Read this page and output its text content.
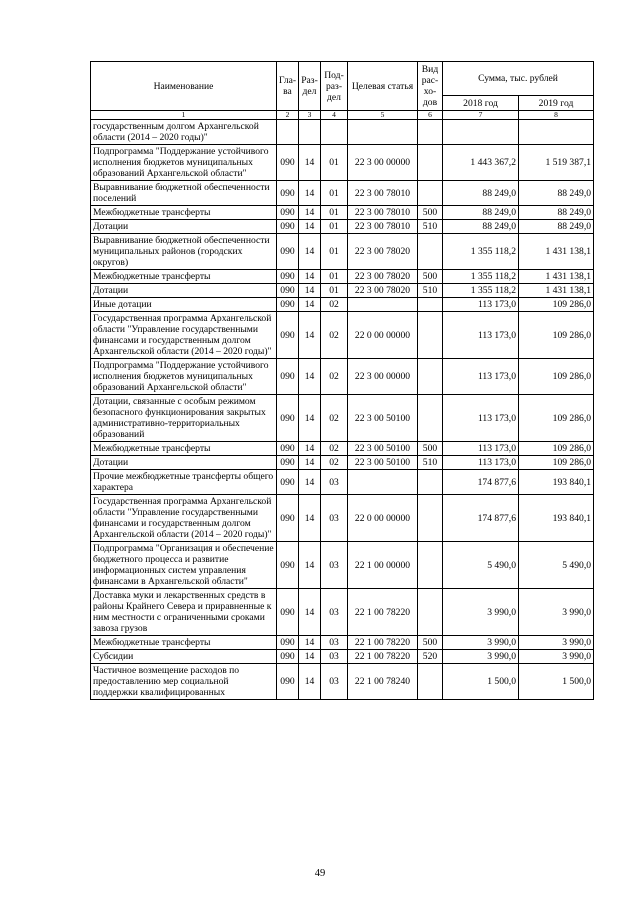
Наименование	Гла-ва	Раз-дел	Под-раз-дел	Целевая статья	Вид рас-хо-дов	Сумма, тыс. рублей	
						2018 год	2019 год
1	2	3	4	5	6	7	8
государственным долгом Архангельской области (2014 – 2020 годы)"							
Подпрограмма "Поддержание устойчивого исполнения бюджетов муниципальных образований Архангельской области"	090	14	01	22 3 00 00000		1 443 367,2	1 519 387,1
Выравнивание бюджетной обеспеченности поселений	090	14	01	22 3 00 78010		88 249,0	88 249,0
Межбюджетные трансферты	090	14	01	22 3 00 78010	500	88 249,0	88 249,0
Дотации	090	14	01	22 3 00 78010	510	88 249,0	88 249,0
Выравнивание бюджетной обеспеченности муниципальных районов (городских округов)	090	14	01	22 3 00 78020		1 355 118,2	1 431 138,1
Межбюджетные трансферты	090	14	01	22 3 00 78020	500	1 355 118,2	1 431 138,1
Дотации	090	14	01	22 3 00 78020	510	1 355 118,2	1 431 138,1
Иные дотации	090	14	02			113 173,0	109 286,0
Государственная программа Архангельской области "Управление государственными финансами и государственным долгом Архангельской области (2014 – 2020 годы)"	090	14	02	22 0 00 00000		113 173,0	109 286,0
Подпрограмма "Поддержание устойчивого исполнения бюджетов муниципальных образований Архангельской области"	090	14	02	22 3 00 00000		113 173,0	109 286,0
Дотации, связанные с особым режимом безопасного функционирования закрытых административно-территориальных образований	090	14	02	22 3 00 50100		113 173,0	109 286,0
Межбюджетные трансферты	090	14	02	22 3 00 50100	500	113 173,0	109 286,0
Дотации	090	14	02	22 3 00 50100	510	113 173,0	109 286,0
Прочие межбюджетные трансферты общего характера	090	14	03			174 877,6	193 840,1
Государственная программа Архангельской области "Управление государственными финансами и государственным долгом Архангельской области (2014 – 2020 годы)"	090	14	03	22 0 00 00000		174 877,6	193 840,1
Подпрограмма "Организация и обеспечение бюджетного процесса и развитие информационных систем управления финансами в Архангельской области"	090	14	03	22 1 00 00000		5 490,0	5 490,0
Доставка муки и лекарственных средств в районы Крайнего Севера и приравненные к ним местности с ограниченными сроками завоза грузов	090	14	03	22 1 00 78220		3 990,0	3 990,0
Межбюджетные трансферты	090	14	03	22 1 00 78220	500	3 990,0	3 990,0
Субсидии	090	14	03	22 1 00 78220	520	3 990,0	3 990,0
Частичное возмещение расходов по предоставлению мер социальной поддержки квалифицированных	090	14	03	22 1 00 78240		1 500,0	1 500,0
49
